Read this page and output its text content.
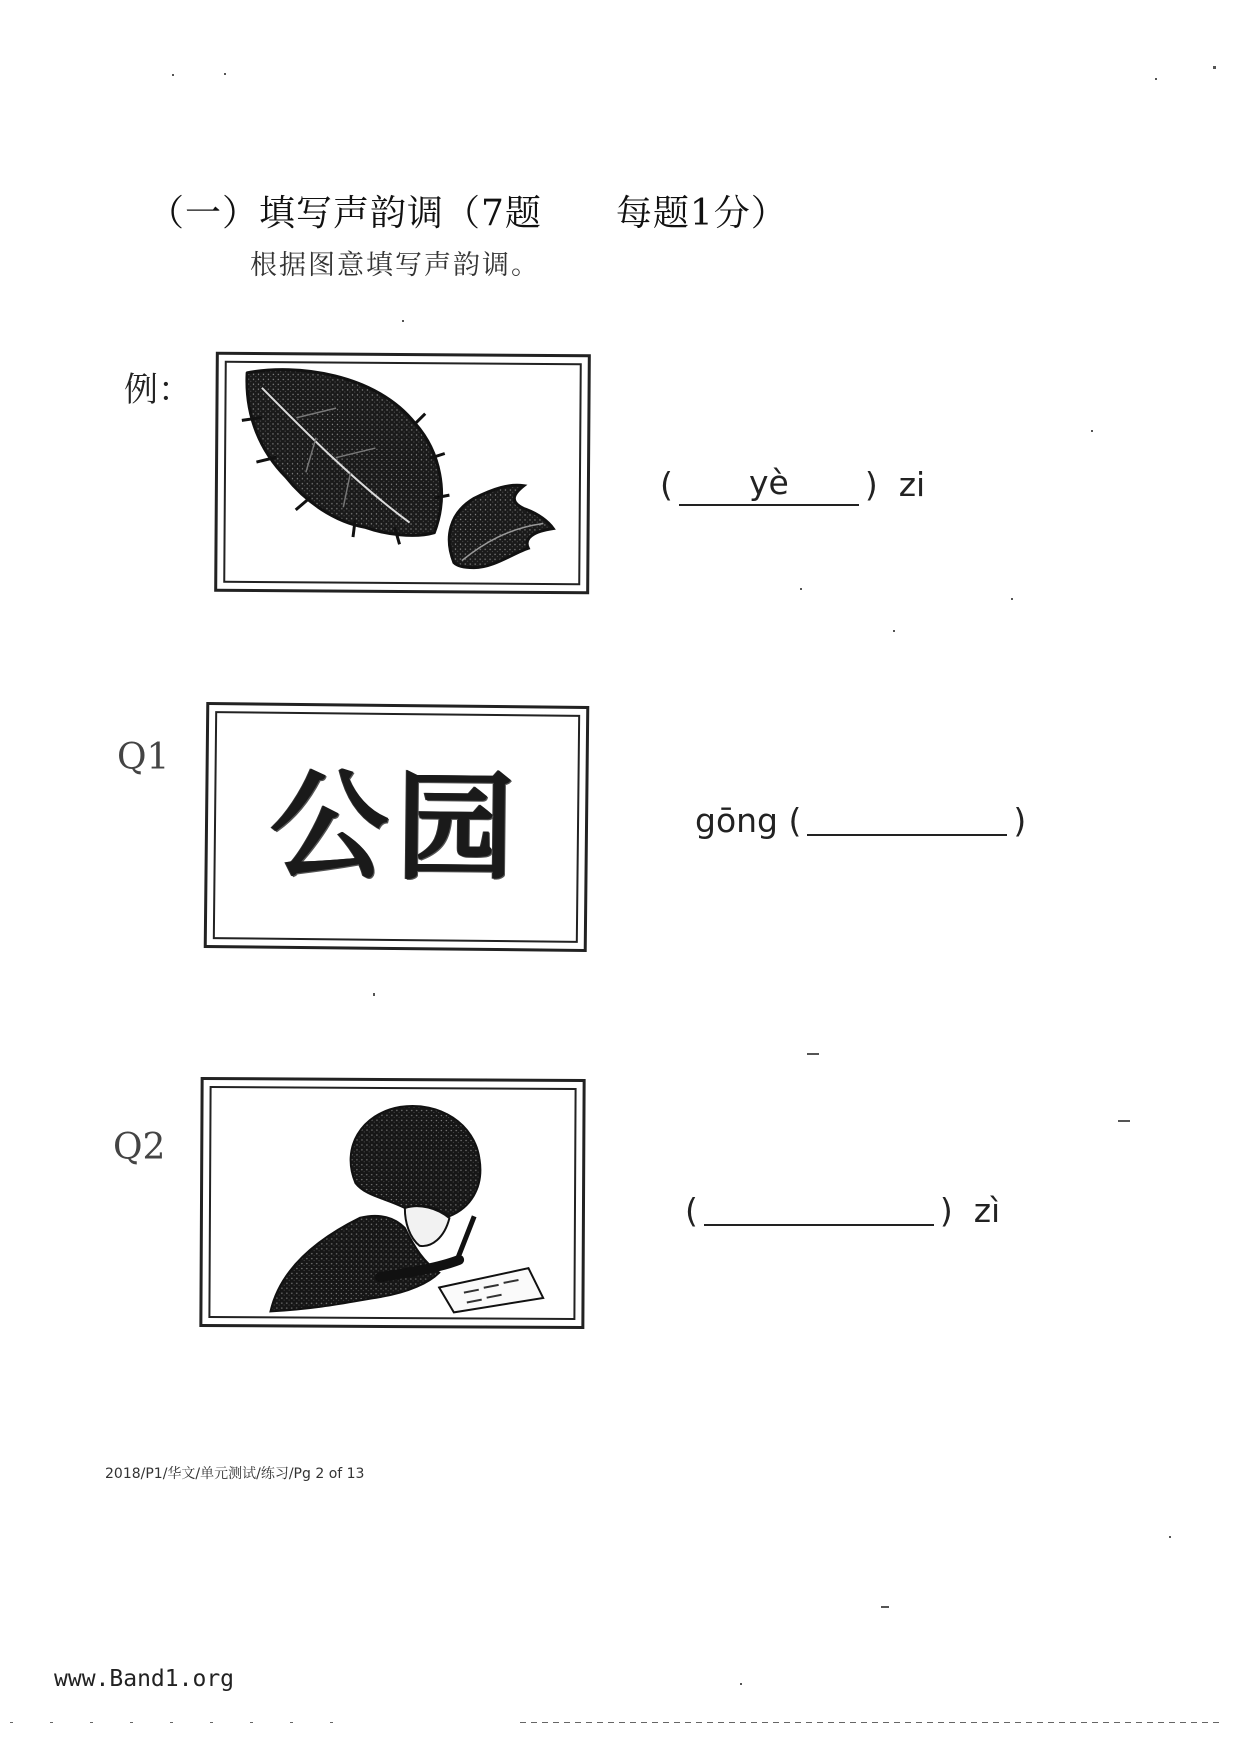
（一）填写声韵调（7题　　每题1分）
根据图意填写声韵调。
例：
(	yè	)  zi
Q1 公园	gōng (	)
Q2
(	)  zì
2018/P1/华文/单元测试/练习/Pg 2 of 13
www.Band1.org
